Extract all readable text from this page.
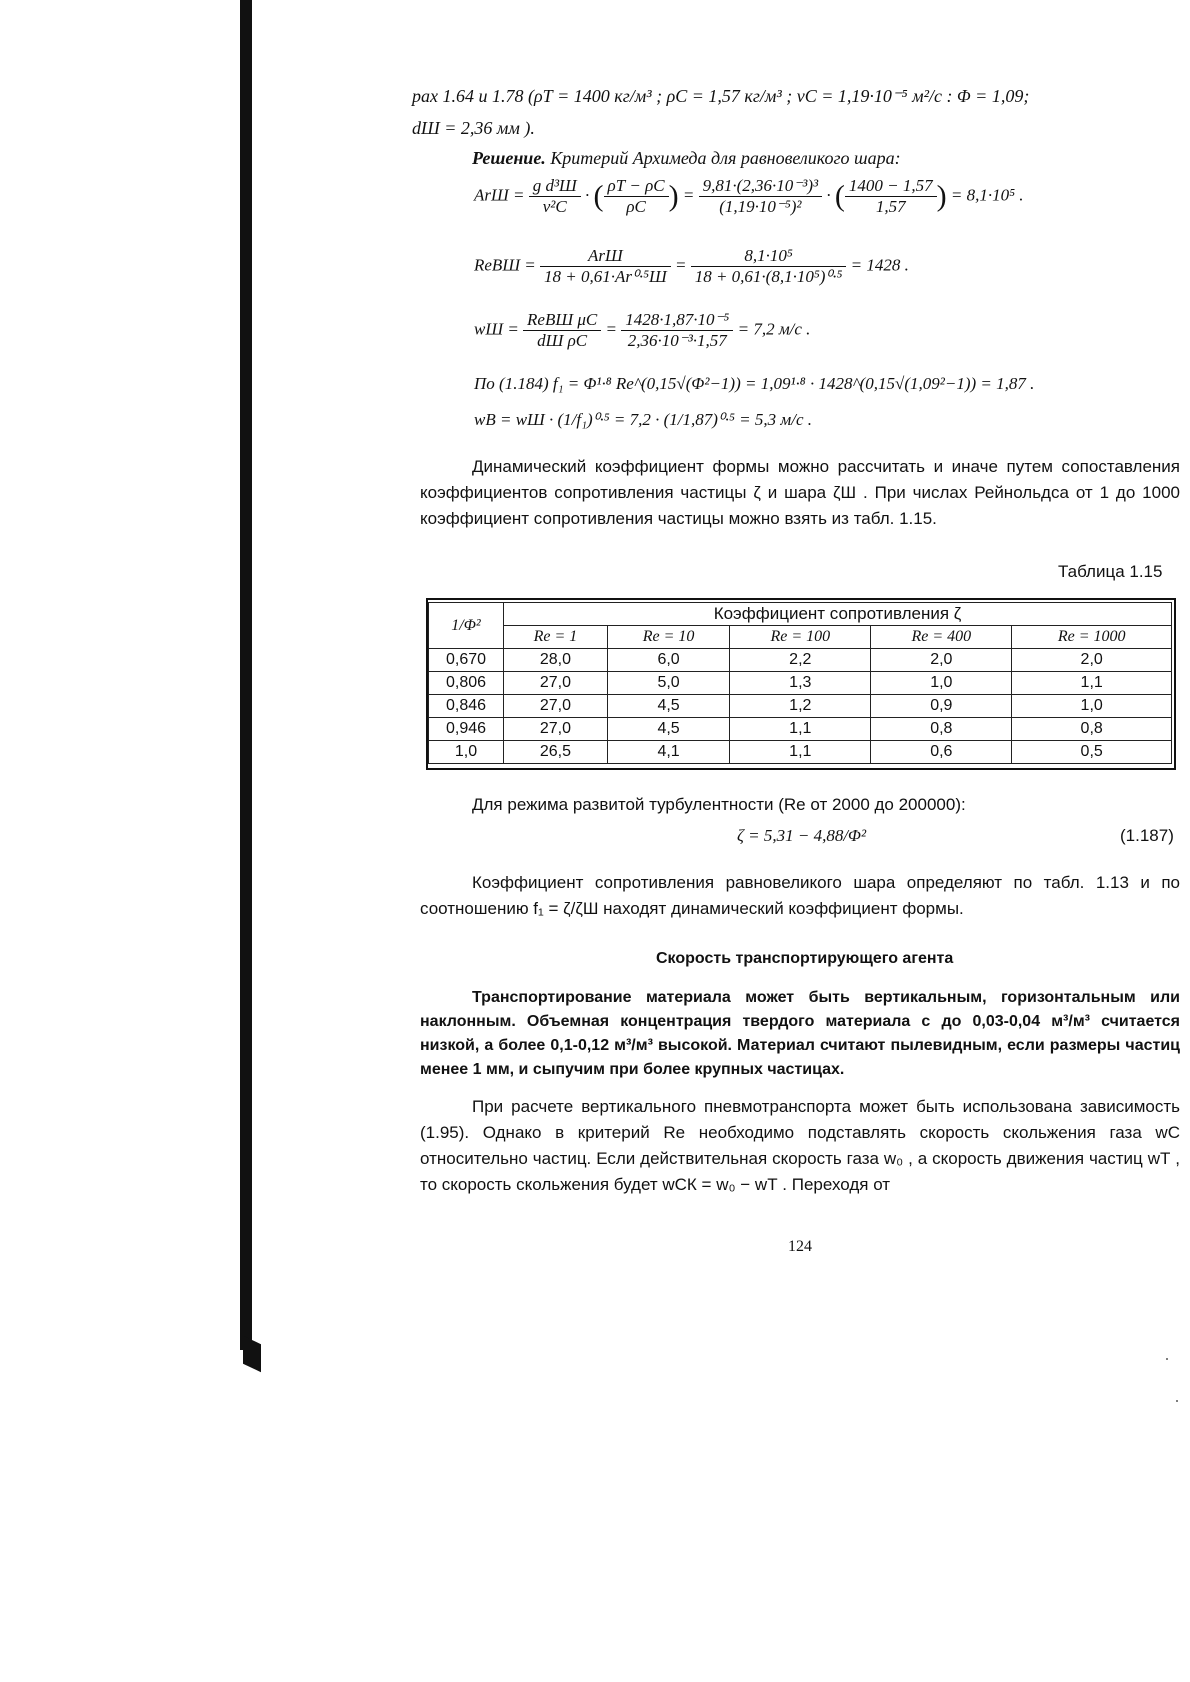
рах 1.64 и 1.78 (ρТ = 1400 кг/м³ ; ρС = 1,57 кг/м³ ; νС = 1,19·10⁻⁵ м²/с : Φ = 1,09;
dШ = 2,36 мм ).
Решение. Критерий Архимеда для равновеликого шара:
ArШ = $\frac{\text{g d³Ш}}{\text{ν²С}}$ · ( $\frac{\rho Т - \rho С}{\rho С}$ ) = $\frac{\text{9,81·(2,36·10⁻³)³}}{\text{(1,19·10⁻⁵)²}}$ · ( $\frac{1400 - 1,57}{1,57}$ ) = 8,1·10⁵ .
ReВШ = $\frac{\text{ArШ}}{\text{18 + 0,61·Ar⁰·⁵Ш}} = \frac{\text{8,1·10⁵}}{\text{18 + 0,61·(8,1·10⁵)⁰·⁵}} = 1428$ .
wШ = $\frac{\text{ReВШ μС}}{\text{dШ ρС}} = \frac{\text{1428·1,87·10⁻⁵}}{\text{2,36·10⁻³·1,57}} = 7,2$ м/с .
По (1.184) f₁ = Φ¹·⁸ Re^(0,15√(Φ²−1)) = 1,09¹·⁸ · 1428^(0,15√(1,09²−1)) = 1,87 .
wВ = wШ · (1/f₁)⁰·⁵ = 7,2 · (1/1,87)⁰·⁵ = 5,3 м/с .
Динамический коэффициент формы можно рассчитать и иначе путем сопоставления коэффициентов сопротивления частицы ζ и шара ζШ . При числах Рейнольдса от 1 до 1000 коэффициент сопротивления частицы можно взять из табл. 1.15.
Таблица 1.15
1/Φ²	Коэффициент сопротивления ζ				
	Re = 1	Re = 10	Re = 100	Re = 400	Re = 1000
0,670	28,0	6,0	2,2	2,0	2,0
0,806	27,0	5,0	1,3	1,0	1,1
0,846	27,0	4,5	1,2	0,9	1,0
0,946	27,0	4,5	1,1	0,8	0,8
1,0	26,5	4,1	1,1	0,6	0,5
Для режима развитой турбулентности (Re от 2000 до 200000):
ζ = 5,31 − 4,88/Φ²	(1.187)
Коэффициент сопротивления равновеликого шара определяют по табл. 1.13 и по соотношению f₁ = ζ/ζШ находят динамический коэффициент формы.
Скорость транспортирующего агента
Транспортирование материала может быть вертикальным, горизонтальным или наклонным. Объемная концентрация твердого материала c до 0,03-0,04 м³/м³ считается низкой, а более 0,1-0,12 м³/м³ высокой. Материал считают пылевидным, если размеры частиц менее 1 мм, и сыпучим при более крупных частицах.
При расчете вертикального пневмотранспорта может быть использована зависимость (1.95). Однако в критерий Re необходимо подставлять скорость скольжения газа wС относительно частиц. Если действительная скорость газа w₀ , а скорость движения частиц wТ , то скорость скольжения будет wСК = w₀ − wТ . Переходя от
124
